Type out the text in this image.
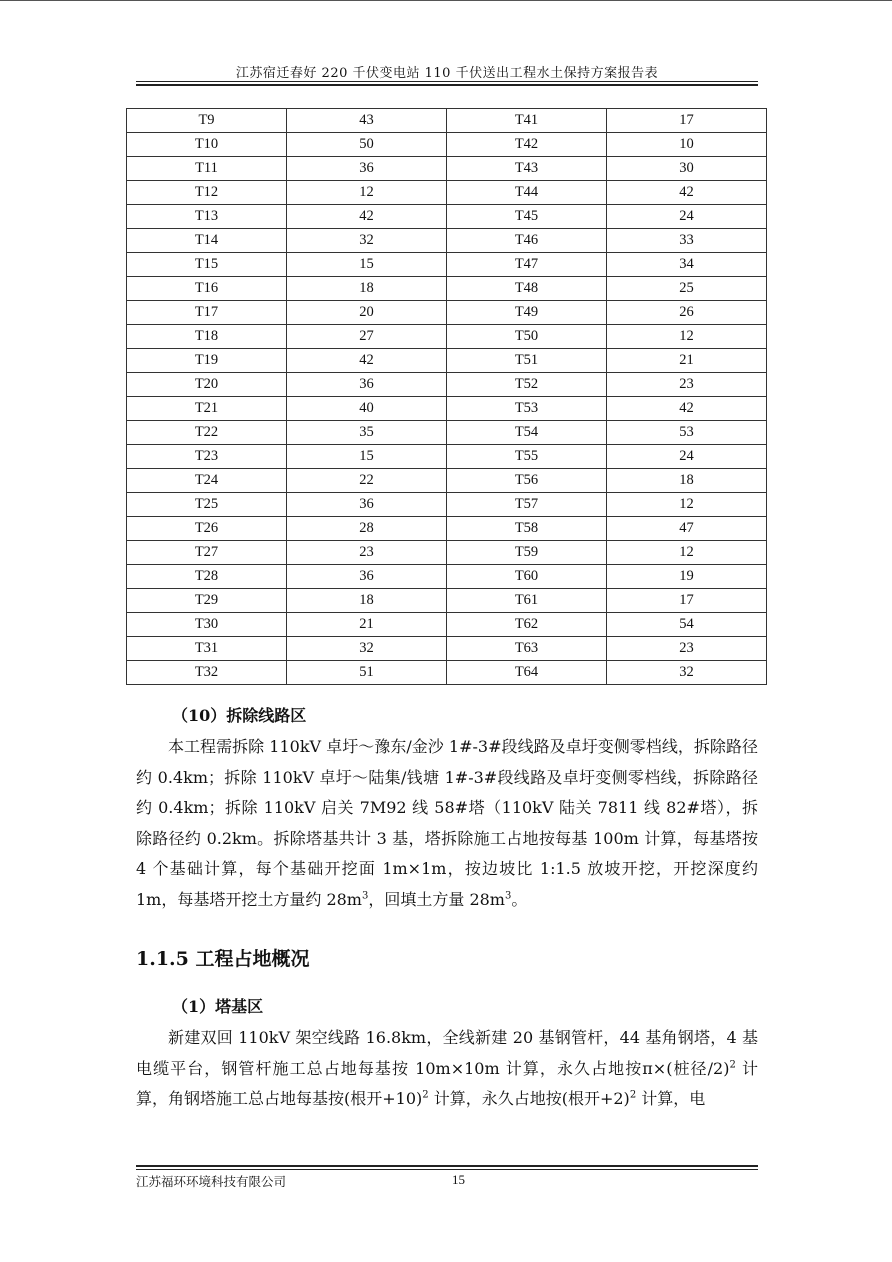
江苏宿迁春好 220 千伏变电站 110 千伏送出工程水土保持方案报告表
T9	43	T41	17
T10	50	T42	10
T11	36	T43	30
T12	12	T44	42
T13	42	T45	24
T14	32	T46	33
T15	15	T47	34
T16	18	T48	25
T17	20	T49	26
T18	27	T50	12
T19	42	T51	21
T20	36	T52	23
T21	40	T53	42
T22	35	T54	53
T23	15	T55	24
T24	22	T56	18
T25	36	T57	12
T26	28	T58	47
T27	23	T59	12
T28	36	T60	19
T29	18	T61	17
T30	21	T62	54
T31	32	T63	23
T32	51	T64	32
（10）拆除线路区

本工程需拆除 110kV 卓圩～豫东/金沙 1#-3#段线路及卓圩变侧零档线，拆除路径约 0.4km；拆除 110kV 卓圩～陆集/钱塘 1#-3#段线路及卓圩变侧零档线，拆除路径约 0.4km；拆除 110kV 启关 7M92 线 58#塔（110kV 陆关 7811 线 82#塔），拆除路径约 0.2km。拆除塔基共计 3 基，塔拆除施工占地按每基 100m 计算，每基塔按 4 个基础计算，每个基础开挖面 1m×1m，按边坡比 1:1.5 放坡开挖，开挖深度约 1m，每基塔开挖土方量约 $28m^3$，回填土方量 $28m^3$。

1.1.5 工程占地概况
（1）塔基区

新建双回 110kV 架空线路 16.8km，全线新建 20 基钢管杆，44 基角钢塔，4 基电缆平台，钢管杆施工总占地每基按 10m×10m 计算，永久占地按π×(桩径/2)$^2$ 计算，角钢塔施工总占地每基按(根开+10)$^2$ 计算，永久占地按(根开+2)$^2$ 计算，电

江苏福环环境科技有限公司	15
